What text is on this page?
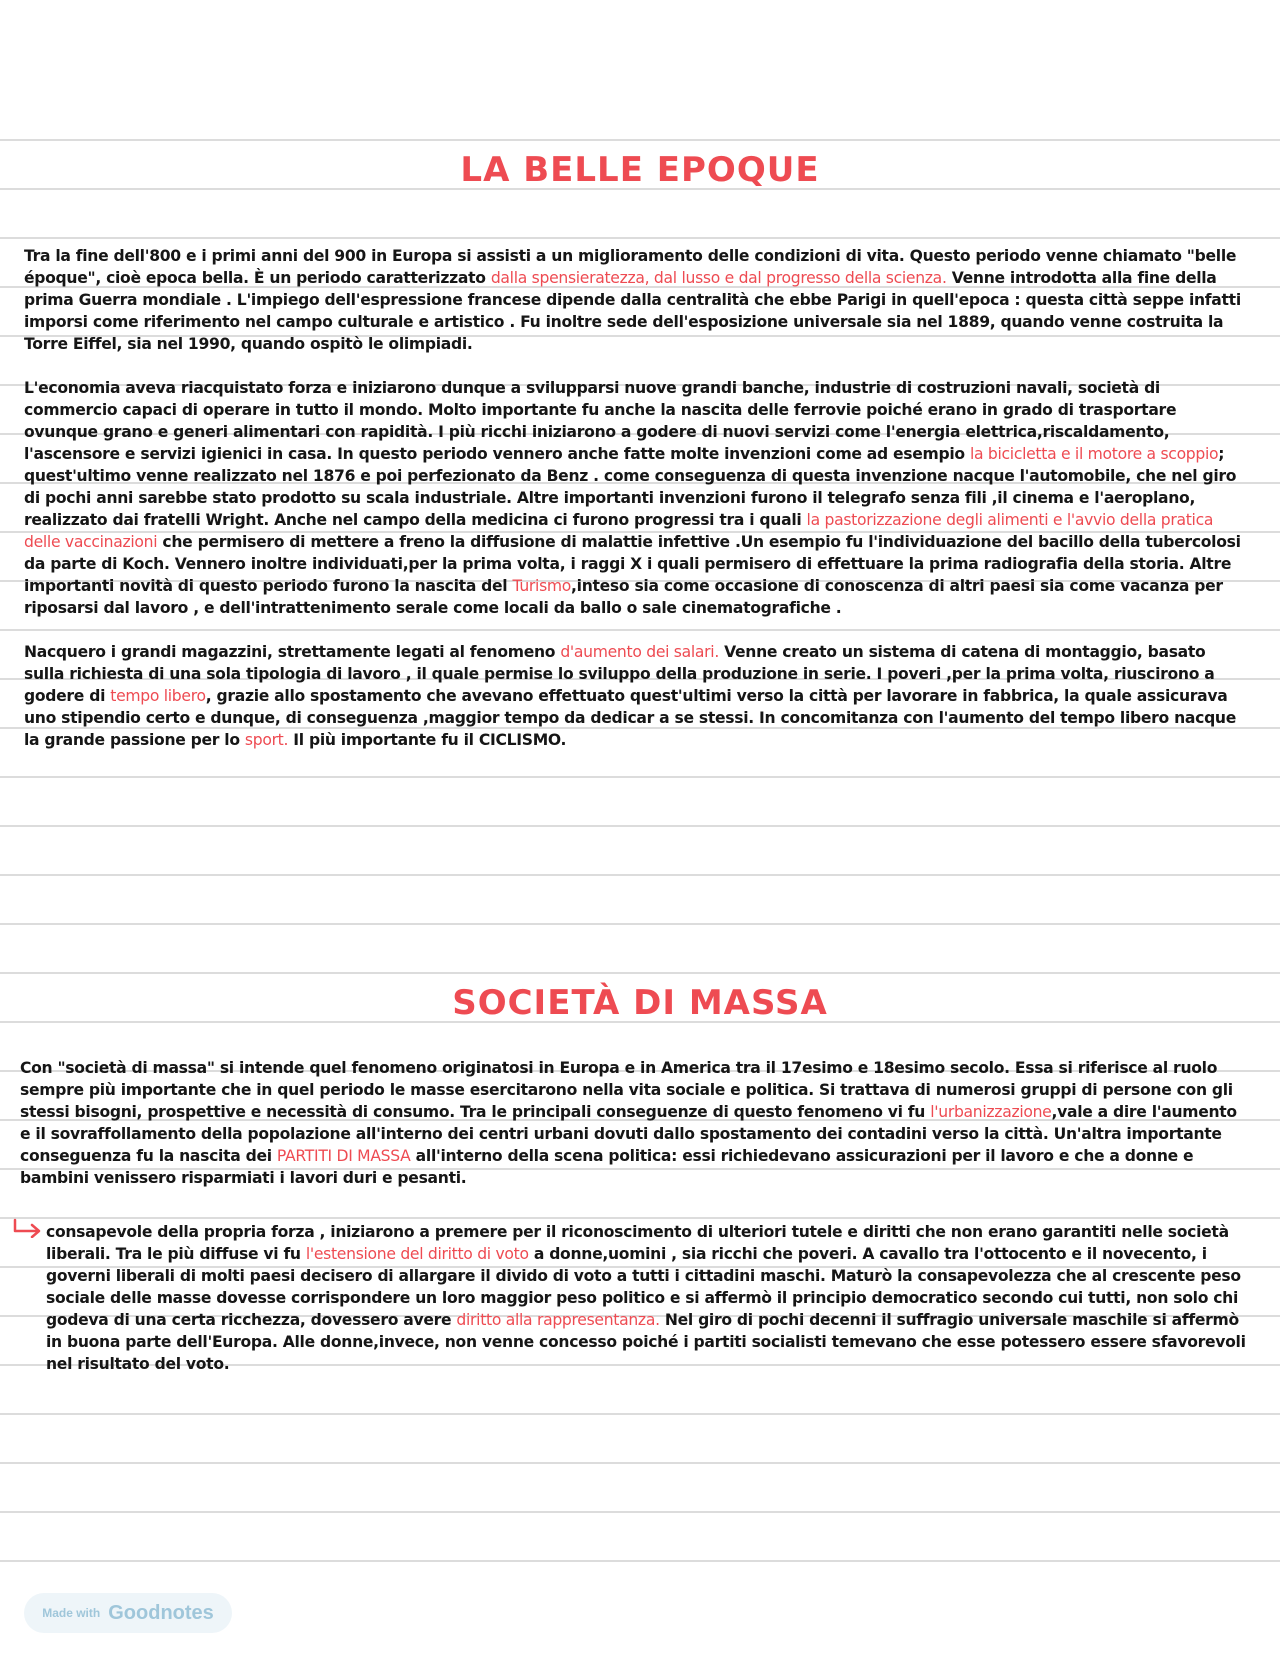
LA BELLE EPOQUE

Tra la fine dell'800 e i primi anni del 900 in Europa si assisti a un miglioramento delle condizioni di vita. Questo periodo venne chiamato "belle époque", cioè epoca bella. È un periodo caratterizzato dalla spensieratezza, dal lusso e dal progresso della scienza. Venne introdotta alla fine della prima Guerra mondiale . L'impiego dell'espressione francese dipende dalla centralità che ebbe Parigi in quell'epoca : questa città seppe infatti imporsi come riferimento nel campo culturale e artistico . Fu inoltre sede dell'esposizione universale sia nel 1889, quando venne costruita la Torre Eiffel, sia nel 1990, quando ospitò le olimpiadi.

L'economia aveva riacquistato forza e iniziarono dunque a svilupparsi nuove grandi banche, industrie di costruzioni navali, società di commercio capaci di operare in tutto il mondo. Molto importante fu anche la nascita delle ferrovie poiché erano in grado di trasportare ovunque grano e generi alimentari con rapidità. I più ricchi iniziarono a godere di nuovi servizi come l'energia elettrica,riscaldamento, l'ascensore e servizi igienici in casa. In questo periodo vennero anche fatte molte invenzioni come ad esempio la bicicletta e il motore a scoppio; quest'ultimo venne realizzato nel 1876 e poi perfezionato da Benz . come conseguenza di questa invenzione nacque l'automobile, che nel giro di pochi anni sarebbe stato prodotto su scala industriale. Altre importanti invenzioni furono il telegrafo senza fili ,il cinema e l'aeroplano, realizzato dai fratelli Wright. Anche nel campo della medicina ci furono progressi tra i quali la pastorizzazione degli alimenti e l'avvio della pratica delle vaccinazioni che permisero di mettere a freno la diffusione di malattie infettive .Un esempio fu l'individuazione del bacillo della tubercolosi da parte di Koch. Vennero inoltre individuati,per la prima volta, i raggi X i quali permisero di effettuare la prima radiografia della storia. Altre importanti novità di questo periodo furono la nascita del Turismo,inteso sia come occasione di conoscenza di altri paesi sia come vacanza per riposarsi dal lavoro , e dell'intrattenimento serale come locali da ballo o sale cinematografiche .

Nacquero i grandi magazzini, strettamente legati al fenomeno d'aumento dei salari. Venne creato un sistema di catena di montaggio, basato sulla richiesta di una sola tipologia di lavoro , il quale permise lo sviluppo della produzione in serie. I poveri ,per la prima volta, riuscirono a godere di tempo libero, grazie allo spostamento che avevano effettuato quest'ultimi verso la città per lavorare in fabbrica, la quale assicurava uno stipendio certo e dunque, di conseguenza ,maggior tempo da dedicar a se stessi. In concomitanza con l'aumento del tempo libero nacque la grande passione per lo sport. Il più importante fu il CICLISMO.

SOCIETÀ DI MASSA

Con "società di massa" si intende quel fenomeno originatosi in Europa e in America tra il 17esimo e 18esimo secolo. Essa si riferisce al ruolo sempre più importante che in quel periodo le masse esercitarono nella vita sociale e politica. Si trattava di numerosi gruppi di persone con gli stessi bisogni, prospettive e necessità di consumo. Tra le principali conseguenze di questo fenomeno vi fu l'urbanizzazione,vale a dire l'aumento e il sovraffollamento della popolazione all'interno dei centri urbani dovuti dallo spostamento dei contadini verso la città. Un'altra importante conseguenza fu la nascita dei PARTITI DI MASSA all'interno della scena politica: essi richiedevano assicurazioni per il lavoro e che a donne e bambini venissero risparmiati i lavori duri e pesanti.

consapevole della propria forza , iniziarono a premere per il riconoscimento di ulteriori tutele e diritti che non erano garantiti nelle società liberali. Tra le più diffuse vi fu l'estensione del diritto di voto a donne,uomini , sia ricchi che poveri. A cavallo tra l'ottocento e il novecento, i governi liberali di molti paesi decisero di allargare il divido di voto a tutti i cittadini maschi. Maturò la consapevolezza che al crescente peso sociale delle masse dovesse corrispondere un loro maggior peso politico e si affermò il principio democratico secondo cui tutti, non solo chi godeva di una certa ricchezza, dovessero avere diritto alla rappresentanza. Nel giro di pochi decenni il suffragio universale maschile si affermò in buona parte dell'Europa. Alle donne,invece, non venne concesso poiché i partiti socialisti temevano che esse potessero essere sfavorevoli nel risultato del voto.

Made with Goodnotes
